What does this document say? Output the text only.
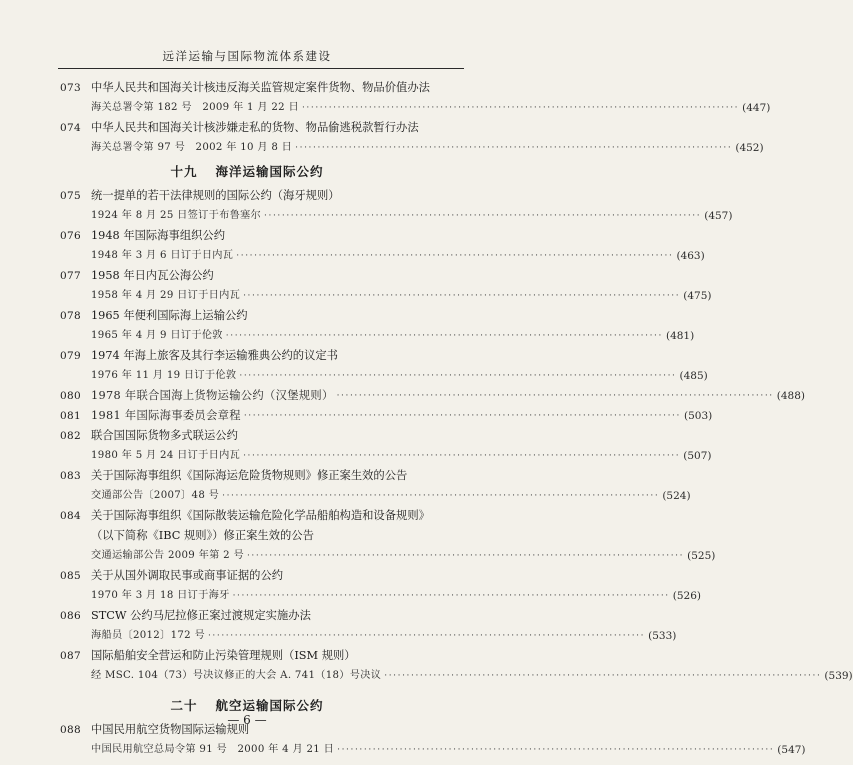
远洋运输与国际物流体系建设
073 中华人民共和国海关计核违反海关监管规定案件货物、物品价值办法
海关总署令第 182 号　2009 年 1 月 22 日 ·································································································· (447)
074 中华人民共和国海关计核涉嫌走私的货物、物品偷逃税款暂行办法
海关总署令第 97 号　2002 年 10 月 8 日 ·································································································· (452)
十九 海洋运输国际公约
075 统一提单的若干法律规则的国际公约（海牙规则）
1924 年 8 月 25 日签订于布鲁塞尔 ·································································································· (457)
076 1948 年国际海事组织公约
1948 年 3 月 6 日订于日内瓦 ·································································································· (463)
077 1958 年日内瓦公海公约
1958 年 4 月 29 日订于日内瓦 ·································································································· (475)
078 1965 年便利国际海上运输公约
1965 年 4 月 9 日订于伦敦 ·································································································· (481)
079 1974 年海上旅客及其行李运输雅典公约的议定书
1976 年 11 月 19 日订于伦敦 ·································································································· (485)
080 1978 年联合国海上货物运输公约（汉堡规则） ·································································································· (488)
081 1981 年国际海事委员会章程 ·································································································· (503)
082 联合国国际货物多式联运公约
1980 年 5 月 24 日订于日内瓦 ·································································································· (507)
083 关于国际海事组织《国际海运危险货物规则》修正案生效的公告
交通部公告〔2007〕48 号 ·································································································· (524)
084 关于国际海事组织《国际散装运输危险化学品船舶构造和设备规则》
（以下简称《IBC 规则》）修正案生效的公告
交通运输部公告 2009 年第 2 号 ·································································································· (525)
085 关于从国外调取民事或商事证据的公约
1970 年 3 月 18 日订于海牙 ·································································································· (526)
086 STCW 公约马尼拉修正案过渡规定实施办法
海船员〔2012〕172 号 ·································································································· (533)
087 国际船舶安全营运和防止污染管理规则（ISM 规则）
经 MSC. 104（73）号决议修正的大会 A. 741（18）号决议 ·································································································· (539)
二十 航空运输国际公约
088 中国民用航空货物国际运输规则
中国民用航空总局令第 91 号　2000 年 4 月 21 日 ·································································································· (547)
— 6 —
